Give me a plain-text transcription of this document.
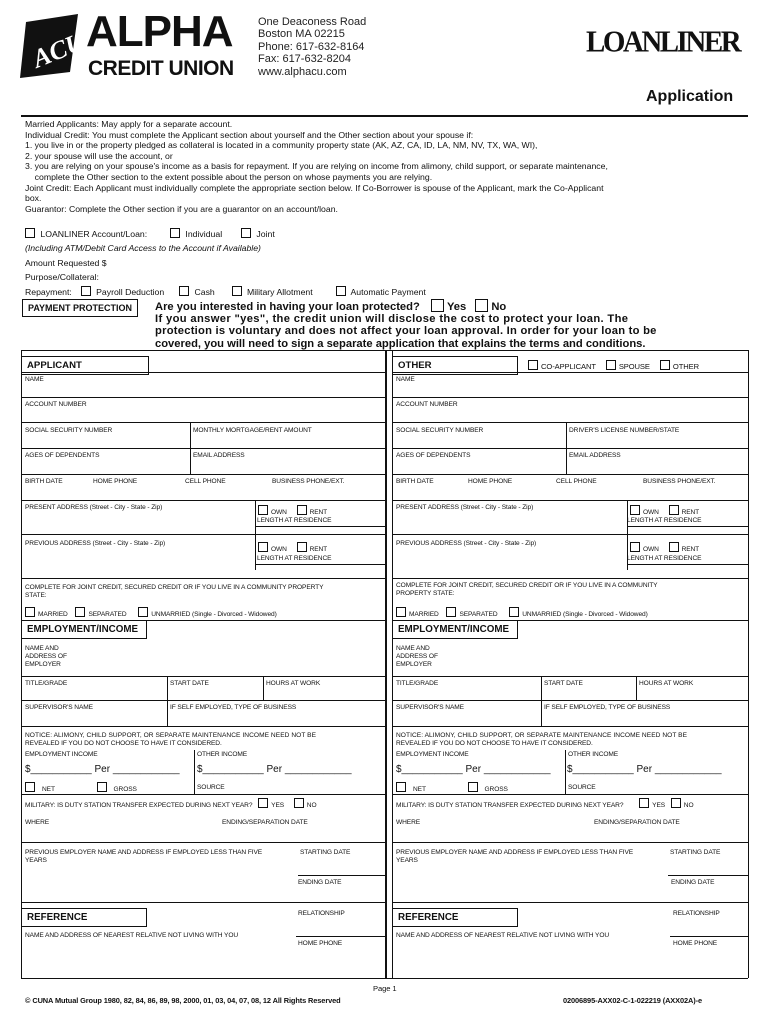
ACU
ALPHA
CREDIT UNION
One Deaconess Road
Boston MA 02215
Phone: 617-632-8164
Fax: 617-632-8204
www.alphacu.com
LOANLINER
Application
Married Applicants: May apply for a separate account.
Individual Credit: You must complete the Applicant section about yourself and the Other section about your spouse if:
1. you live in or the property pledged as collateral is located in a community property state (AK, AZ, CA, ID, LA, NM, NV, TX, WA, WI),
2. your spouse will use the account, or
3. you are relying on your spouse's income as a basis for repayment. If you are relying on income from alimony, child support, or separate maintenance,
complete the Other section to the extent possible about the person on whose payments you are relying.
Joint Credit: Each Applicant must individually complete the appropriate section below. If Co-Borrower is spouse of the Applicant, mark the Co-Applicant
box.
Guarantor: Complete the Other section if you are a guarantor on an account/loan.
LOANLINER Account/Loan:	Individual	Joint
(Including ATM/Debit Card Access to the Account if Available)
Amount Requested $
Purpose/Collateral:
Repayment:	Payroll Deduction	Cash	Military Allotment	Automatic Payment
PAYMENT PROTECTION	Are you interested in having your loan protected? Yes No
If you answer "yes", the credit union will disclose the cost to protect your loan. The
protection is voluntary and does not affect your loan approval. In order for your loan to be
covered, you will need to sign a separate application that explains the terms and conditions.
APPLICANT
NAME
ACCOUNT NUMBER
SOCIAL SECURITY NUMBER	MONTHLY MORTGAGE/RENT AMOUNT
AGES OF DEPENDENTS	EMAIL ADDRESS
BIRTH DATE	HOME PHONE	CELL PHONE	BUSINESS PHONE/EXT.
PRESENT ADDRESS (Street - City - State - Zip)
OWN	RENT
LENGTH AT RESIDENCE
PREVIOUS ADDRESS (Street - City - State - Zip)
OWN	RENT
LENGTH AT RESIDENCE
COMPLETE FOR JOINT CREDIT, SECURED CREDIT OR IF YOU LIVE IN A COMMUNITY PROPERTY
STATE:
MARRIED	SEPARATED	UNMARRIED (Single - Divorced - Widowed)
EMPLOYMENT/INCOME
NAME AND
ADDRESS OF
EMPLOYER
TITLE/GRADE	START DATE	HOURS AT WORK
SUPERVISOR'S NAME	IF SELF EMPLOYED, TYPE OF BUSINESS
NOTICE: ALIMONY, CHILD SUPPORT, OR SEPARATE MAINTENANCE INCOME NEED NOT BE
REVEALED IF YOU DO NOT CHOOSE TO HAVE IT CONSIDERED.
EMPLOYMENT INCOME	OTHER INCOME
$___________ Per ____________ $___________ Per ____________
NET	GROSS	SOURCE
MILITARY: IS DUTY STATION TRANSFER EXPECTED DURING NEXT YEAR?	YES	NO
WHERE	ENDING/SEPARATION DATE
PREVIOUS EMPLOYER NAME AND ADDRESS IF EMPLOYED LESS THAN FIVE
YEARS
STARTING DATE
ENDING DATE
REFERENCE	RELATIONSHIP
NAME AND ADDRESS OF NEAREST RELATIVE NOT LIVING WITH YOU
HOME PHONE
OTHER	CO-APPLICANT	SPOUSE	OTHER
NAME
ACCOUNT NUMBER
SOCIAL SECURITY NUMBER	DRIVER'S LICENSE NUMBER/STATE
AGES OF DEPENDENTS	EMAIL ADDRESS
BIRTH DATE	HOME PHONE	CELL PHONE	BUSINESS PHONE/EXT.
PRESENT ADDRESS (Street - City - State - Zip)
OWN	RENT
LENGTH AT RESIDENCE
PREVIOUS ADDRESS (Street - City - State - Zip)
OWN	RENT
LENGTH AT RESIDENCE
COMPLETE FOR JOINT CREDIT, SECURED CREDIT OR IF YOU LIVE IN A COMMUNITY
PROPERTY STATE:
MARRIED	SEPARATED	UNMARRIED (Single - Divorced - Widowed)
EMPLOYMENT/INCOME
NAME AND
ADDRESS OF
EMPLOYER
TITLE/GRADE	START DATE	HOURS AT WORK
SUPERVISOR'S NAME	IF SELF EMPLOYED, TYPE OF BUSINESS
NOTICE: ALIMONY, CHILD SUPPORT, OR SEPARATE MAINTENANCE INCOME NEED NOT BE
REVEALED IF YOU DO NOT CHOOSE TO HAVE IT CONSIDERED.
EMPLOYMENT INCOME	OTHER INCOME
$___________ Per ____________ $___________ Per ____________
NET	GROSS	SOURCE
MILITARY: IS DUTY STATION TRANSFER EXPECTED DURING NEXT YEAR?	YES	NO
WHERE	ENDING/SEPARATION DATE
PREVIOUS EMPLOYER NAME AND ADDRESS IF EMPLOYED LESS THAN FIVE
YEARS
STARTING DATE
ENDING DATE
REFERENCE	RELATIONSHIP
NAME AND ADDRESS OF NEAREST RELATIVE NOT LIVING WITH YOU
HOME PHONE
Page 1
© CUNA Mutual Group 1980, 82, 84, 86, 89, 98, 2000, 01, 03, 04, 07, 08, 12 All Rights Reserved	02006895-AXX02-C-1-022219 (AXX02A)-e
